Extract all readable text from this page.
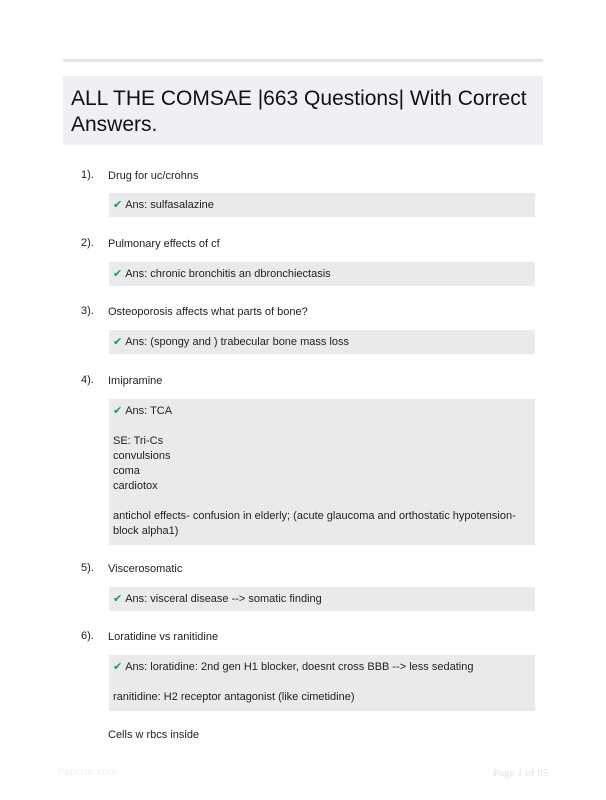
ALL THE COMSAE |663 Questions| With Correct Answers.
1). Drug for uc/crohns
✔ Ans: sulfasalazine
2). Pulmonary effects of cf
✔ Ans: chronic bronchitis an dbronchiectasis
3). Osteoporosis affects what parts of bone?
✔ Ans: (spongy and ) trabecular bone mass loss
4). Imipramine
✔ Ans: TCA
SE: Tri-Cs
convulsions
coma
cardiotox
antichol effects- confusion in elderly; (acute glaucoma and orthostatic hypotension-
block alpha1)
5). Viscerosomatic
✔ Ans: visceral disease --> somatic finding
6). Loratidine vs ranitidine
✔ Ans: loratidine: 2nd gen H1 blocker, doesnt cross BBB --> less sedating
ranitidine: H2 receptor antagonist (like cimetidine)
Cells w rbcs inside
Papertic.com	Page 1 of 85
